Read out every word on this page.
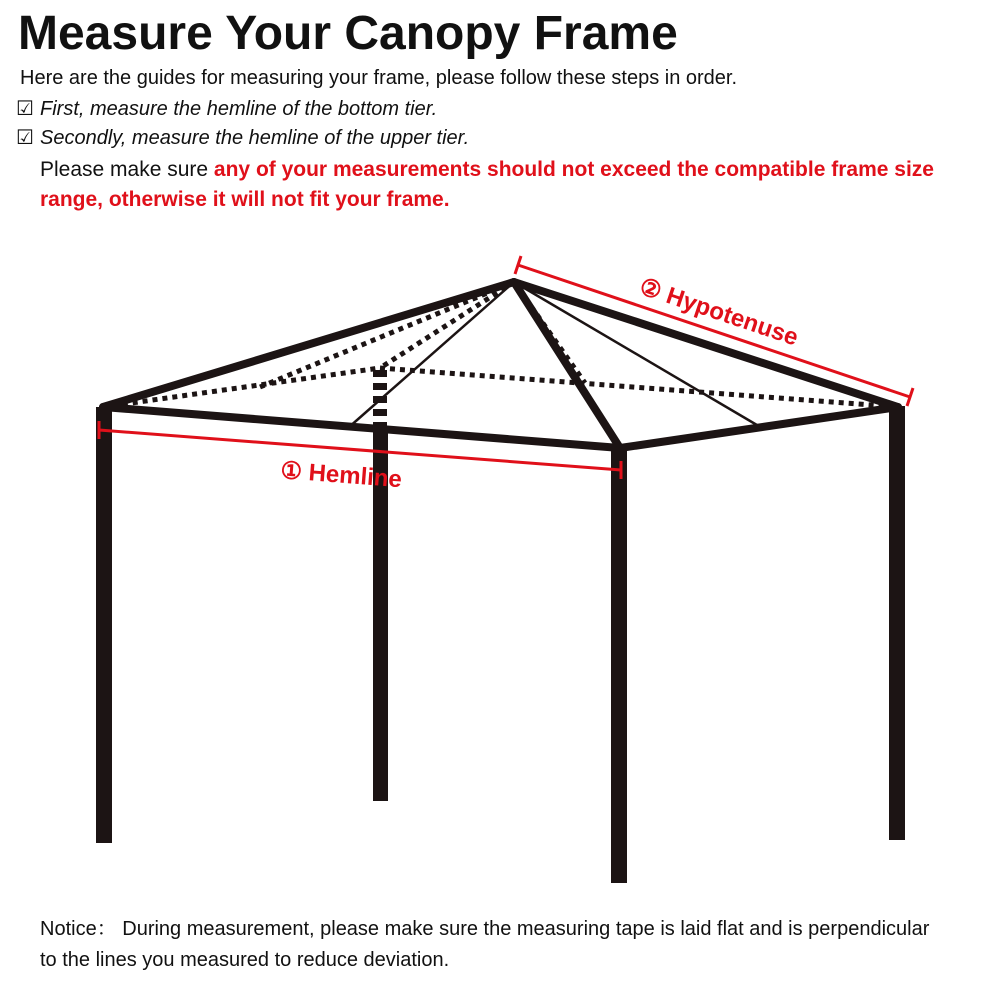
Measure Your Canopy Frame
Here are the guides for measuring your frame, please follow these steps in order.
☑ First, measure the hemline of the bottom tier.
☑ Secondly, measure the hemline of the upper tier.
Please make sure any of your measurements should not exceed the compatible frame size range, otherwise it will not fit your frame.
① Hemline
② Hypotenuse
Notice： During measurement, please make sure the measuring tape is laid flat and is perpendicular to the lines you measured to reduce deviation.
